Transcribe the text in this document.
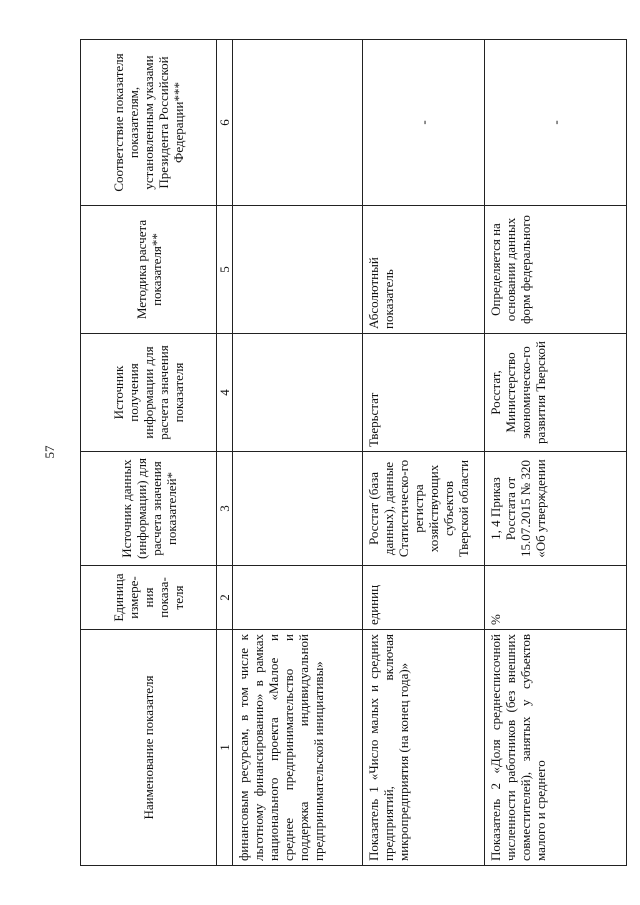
57
Наименование показателя	Единица измере-ния показа-теля	Источник данных (информации) для расчета значения показателей*	Источник получения информации для расчета значения показателя	Методика расчета показателя**	Соответствие показателя показателям, установленным указами Президента Российской Федерации***
1	2	3	4	5	6
финансовым ресурсам, в том числе к льготному финансированию» в рамках национального проекта «Малое и среднее предпринимательство и поддержка индивидуальной предпринимательской инициативы»					
Показатель 1 «Число малых и средних предприятий, включая микропредприятия (на конец года)»	единиц	Росстат (база данных), данные Статистическо-го регистра хозяйствующих субъектов Тверской области	Тверьстат	Абсолютный показатель	-
Показатель 2 «Доля среднесписочной численности работников (без внешних совместителей), занятых у субъектов малого и среднего	%	1, 4 Приказ Росстата от 15.07.2015 № 320 «Об утверждении	Росстат, Министерство экономическо-го развития Тверской	Определяется на основании данных форм федерального	-
